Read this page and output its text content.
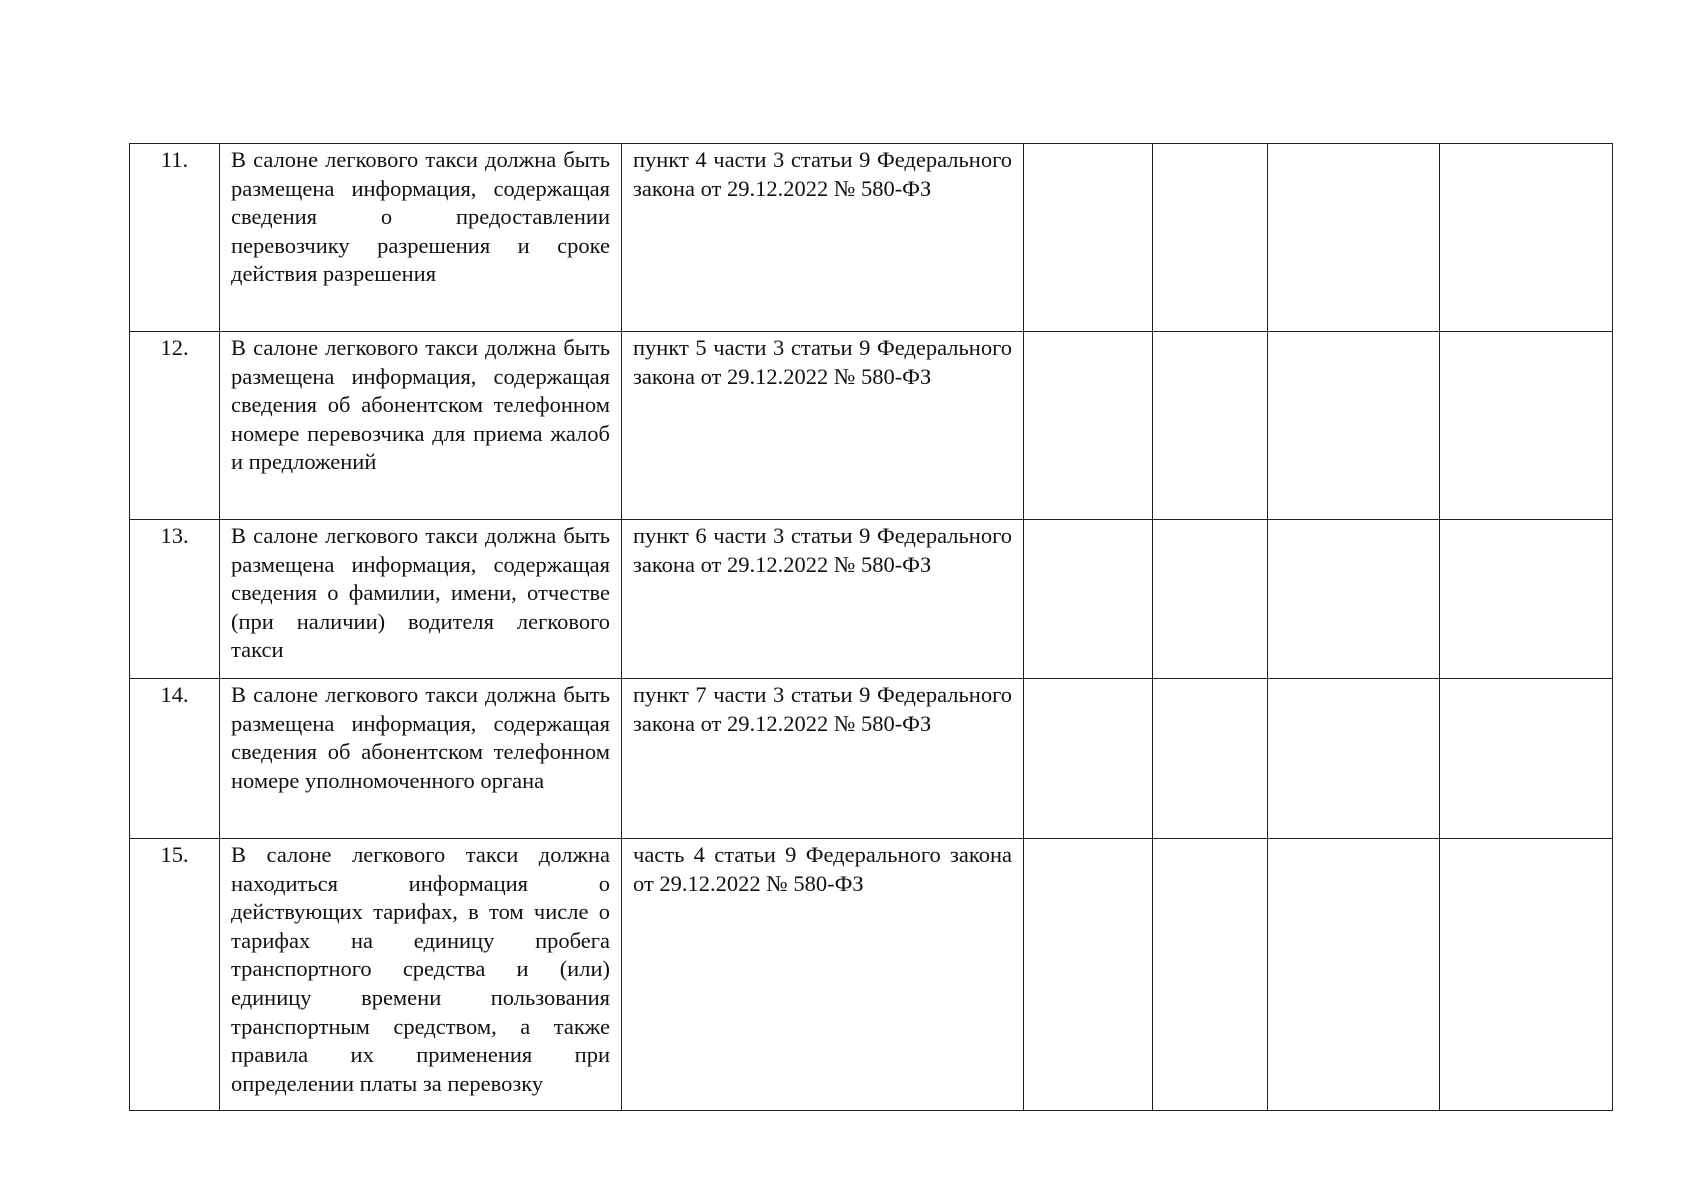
11.	В салоне легкового такси должна быть размещена информация, содержащая сведения о предоставлении перевозчику разрешения и сроке действия разрешения	пункт 4 части 3 статьи 9 Федерального закона от 29.12.2022 № 580-ФЗ				
12.	В салоне легкового такси должна быть размещена информация, содержащая сведения об абонентском телефонном номере перевозчика для приема жалоб и предложений	пункт 5 части 3 статьи 9 Федерального закона от 29.12.2022 № 580-ФЗ				
13.	В салоне легкового такси должна быть размещена информация, содержащая сведения о фамилии, имени, отчестве (при наличии) водителя легкового такси	пункт 6 части 3 статьи 9 Федерального закона от 29.12.2022 № 580-ФЗ				
14.	В салоне легкового такси должна быть размещена информация, содержащая сведения об абонентском телефонном номере уполномоченного органа	пункт 7 части 3 статьи 9 Федерального закона от 29.12.2022 № 580-ФЗ				
15.	В салоне легкового такси должна находиться информация о действующих тарифах, в том числе о тарифах на единицу пробега транспортного средства и (или) единицу времени пользования транспортным средством, а также правила их применения при определении платы за перевозку	часть 4 статьи 9 Федерального закона от 29.12.2022 № 580-ФЗ				
